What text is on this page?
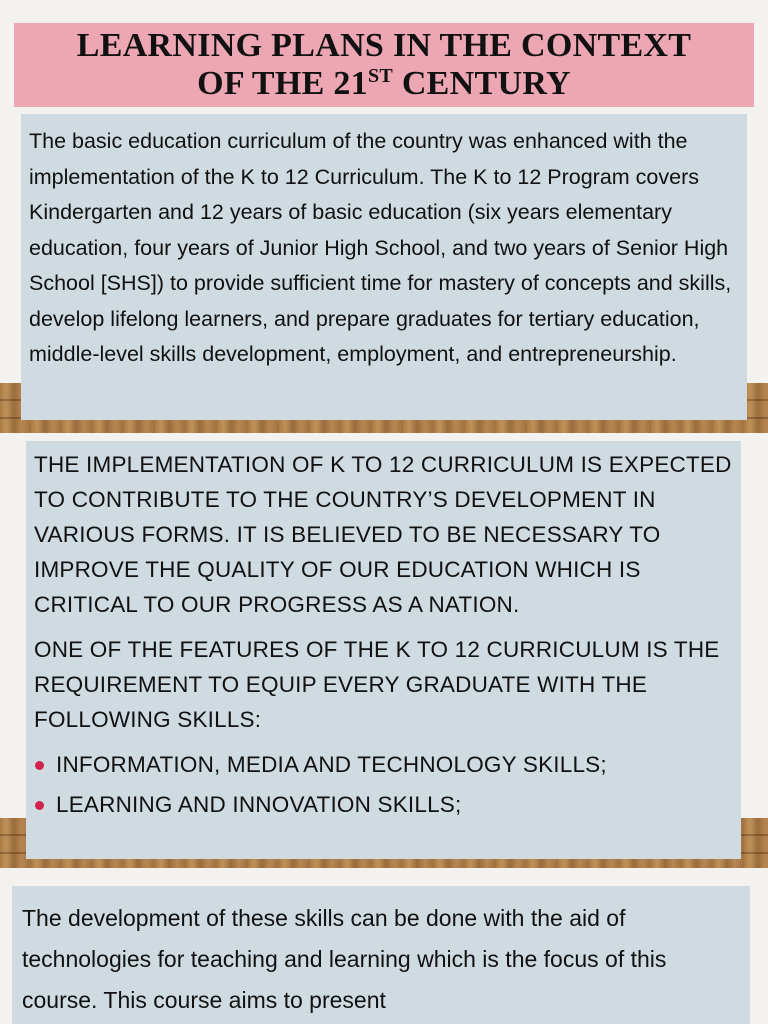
LEARNING PLANS IN THE CONTEXT
OF THE 21ST CENTURY
The basic education curriculum of the country was enhanced with the implementation of the K to 12 Curriculum. The K to 12 Program covers Kindergarten and 12 years of basic education (six years elementary education, four years of Junior High School, and two years of Senior High School [SHS]) to provide sufficient time for mastery of concepts and skills, develop lifelong learners, and prepare graduates for tertiary education, middle-level skills development, employment, and entrepreneurship.

THE IMPLEMENTATION OF K TO 12 CURRICULUM IS EXPECTED TO CONTRIBUTE TO THE COUNTRY’S DEVELOPMENT IN VARIOUS FORMS. IT IS BELIEVED TO BE NECESSARY TO IMPROVE THE QUALITY OF OUR EDUCATION WHICH IS CRITICAL TO OUR PROGRESS AS A NATION.

ONE OF THE FEATURES OF THE K TO 12 CURRICULUM IS THE REQUIREMENT TO EQUIP EVERY GRADUATE WITH THE FOLLOWING SKILLS:

INFORMATION, MEDIA AND TECHNOLOGY SKILLS;
LEARNING AND INNOVATION SKILLS;
The development of these skills can be done with the aid of technologies for teaching and learning which is the focus of this course. This course aims to present
